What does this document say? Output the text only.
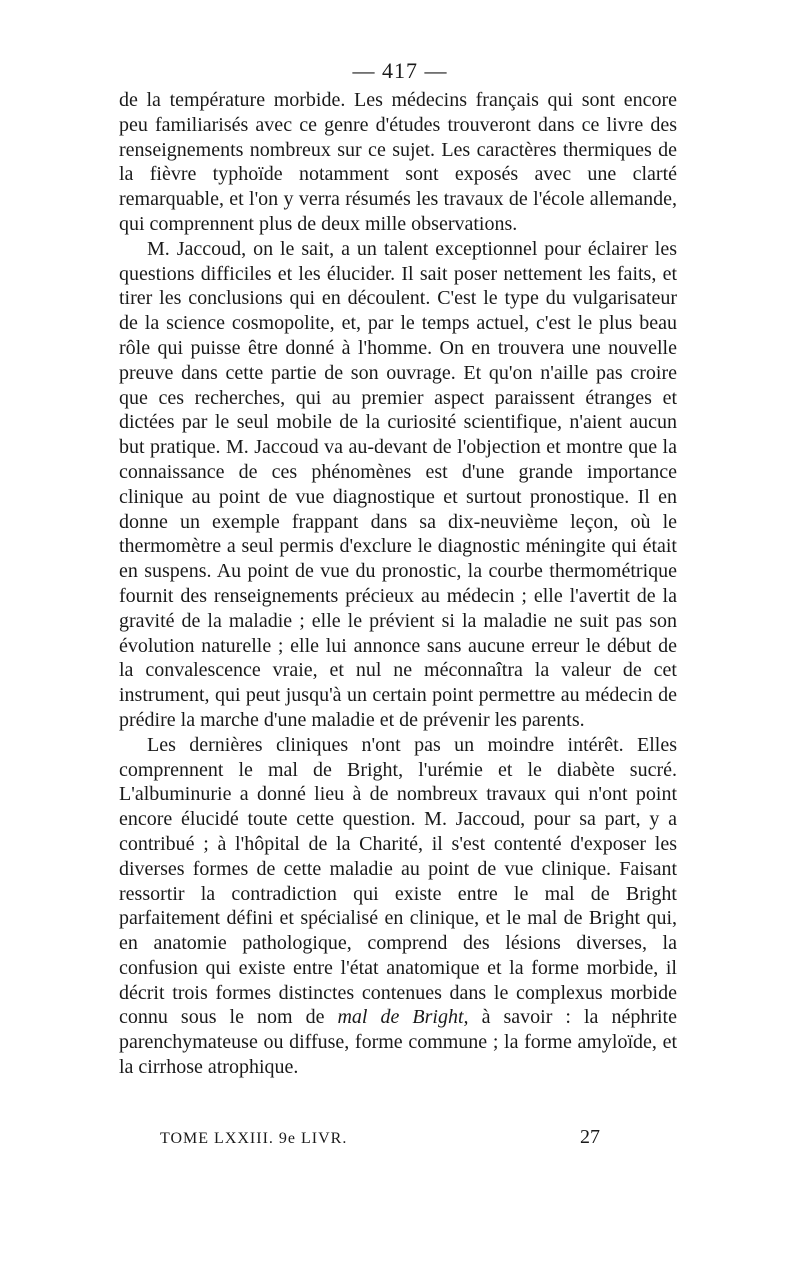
— 417 —

de la température morbide. Les médecins français qui sont encore peu familiarisés avec ce genre d'études trouveront dans ce livre des renseignements nombreux sur ce sujet. Les caractères thermiques de la fièvre typhoïde notamment sont exposés avec une clarté remarquable, et l'on y verra résumés les travaux de l'école allemande, qui comprennent plus de deux mille observations.

M. Jaccoud, on le sait, a un talent exceptionnel pour éclairer les questions difficiles et les élucider. Il sait poser nettement les faits, et tirer les conclusions qui en découlent. C'est le type du vulgarisateur de la science cosmopolite, et, par le temps actuel, c'est le plus beau rôle qui puisse être donné à l'homme. On en trouvera une nouvelle preuve dans cette partie de son ouvrage. Et qu'on n'aille pas croire que ces recherches, qui au premier aspect paraissent étranges et dictées par le seul mobile de la curiosité scientifique, n'aient aucun but pratique. M. Jaccoud va au-devant de l'objection et montre que la connaissance de ces phénomènes est d'une grande importance clinique au point de vue diagnostique et surtout pronostique. Il en donne un exemple frappant dans sa dix-neuvième leçon, où le thermomètre a seul permis d'exclure le diagnostic méningite qui était en suspens. Au point de vue du pronostic, la courbe thermométrique fournit des renseignements précieux au médecin ; elle l'avertit de la gravité de la maladie ; elle le prévient si la maladie ne suit pas son évolution naturelle ; elle lui annonce sans aucune erreur le début de la convalescence vraie, et nul ne méconnaîtra la valeur de cet instrument, qui peut jusqu'à un certain point permettre au médecin de prédire la marche d'une maladie et de prévenir les parents.

Les dernières cliniques n'ont pas un moindre intérêt. Elles comprennent le mal de Bright, l'urémie et le diabète sucré. L'albuminurie a donné lieu à de nombreux travaux qui n'ont point encore élucidé toute cette question. M. Jaccoud, pour sa part, y a contribué ; à l'hôpital de la Charité, il s'est contenté d'exposer les diverses formes de cette maladie au point de vue clinique. Faisant ressortir la contradiction qui existe entre le mal de Bright parfaitement défini et spécialisé en clinique, et le mal de Bright qui, en anatomie pathologique, comprend des lésions diverses, la confusion qui existe entre l'état anatomique et la forme morbide, il décrit trois formes distinctes contenues dans le complexus morbide connu sous le nom de mal de Bright, à savoir : la néphrite parenchymateuse ou diffuse, forme commune ; la forme amyloïde, et la cirrhose atrophique.

TOME LXXIII. 9e LIVR.	27
